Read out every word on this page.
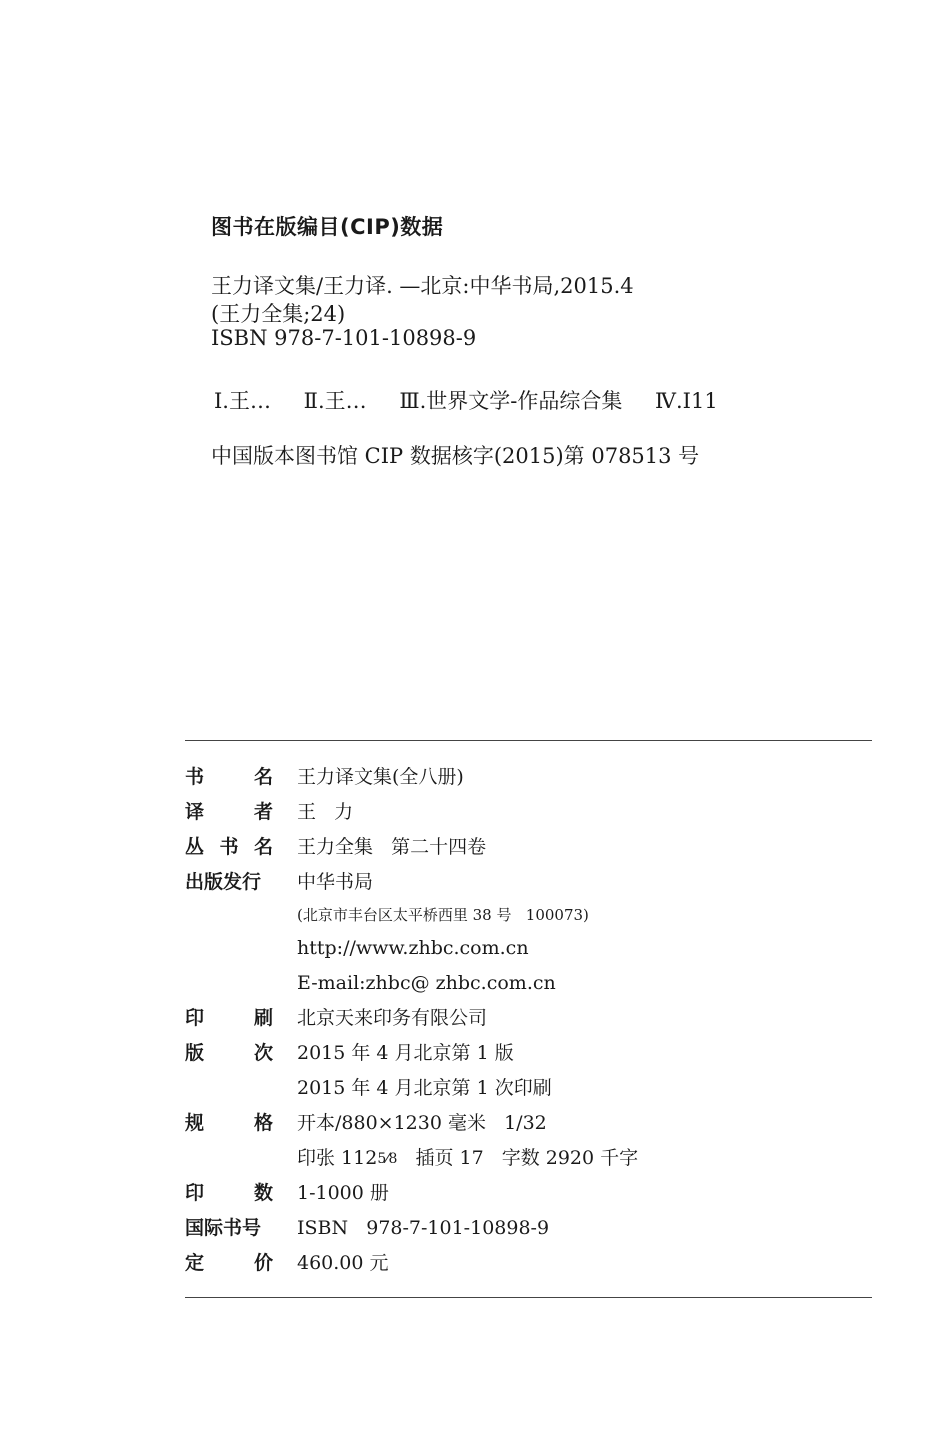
图书在版编目(CIP)数据
王力译文集/王力译. —北京:中华书局,2015.4
(王力全集;24)
ISBN 978-7-101-10898-9
Ⅰ.王… Ⅱ.王… Ⅲ.世界文学-作品综合集 Ⅳ.I11
中国版本图书馆 CIP 数据核字(2015)第 078513 号
书	名 王力译文集(全八册)
译	者 王   力
丛 书 名 王力全集   第二十四卷
出版发行	中华书局
(北京市丰台区太平桥西里 38 号   100073)
http://www.zhbc.com.cn
E-mail:zhbc@ zhbc.com.cn
印	刷 北京天来印务有限公司
版	次 2015 年 4 月北京第 1 版
2015 年 4 月北京第 1 次印刷
规	格 开本/880×1230 毫米   1/32
印张 1125⁄8 插页 17 字数 2920 千字
印	数 1-1000 册
国际书号	ISBN   978-7-101-10898-9
定	价 460.00 元
